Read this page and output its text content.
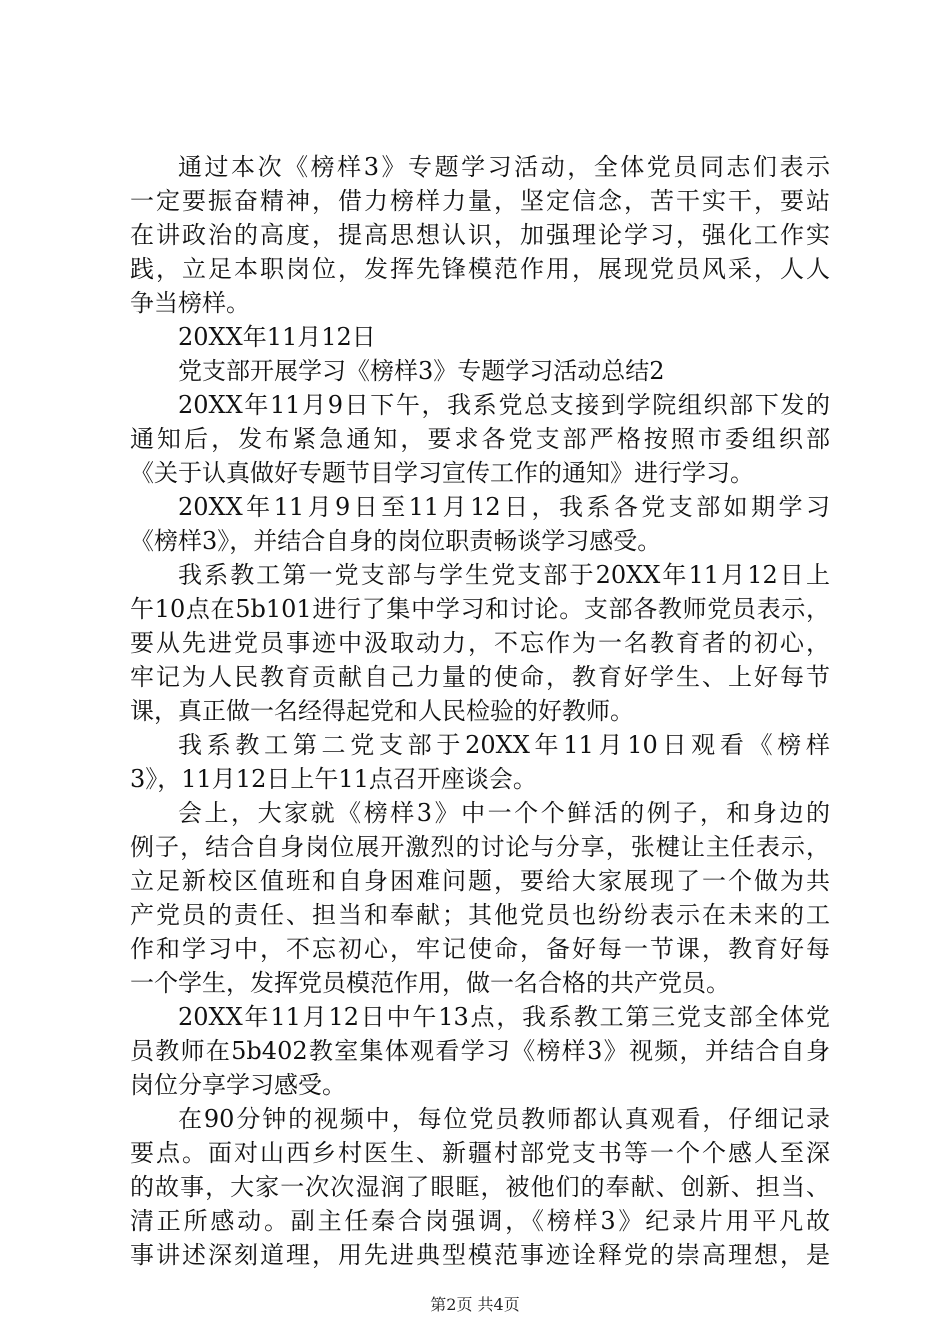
通过本次《榜样3》专题学习活动，全体党员同志们表示
一定要振奋精神，借力榜样力量，坚定信念，苦干实干，要站
在讲政治的高度，提高思想认识，加强理论学习，强化工作实
践，立足本职岗位，发挥先锋模范作用，展现党员风采，人人
争当榜样。
20XX年11月12日
党支部开展学习《榜样3》专题学习活动总结2
20XX年11月9日下午，我系党总支接到学院组织部下发的
通知后，发布紧急通知，要求各党支部严格按照市委组织部
《关于认真做好专题节目学习宣传工作的通知》进行学习。
20XX年11月9日至11月12日，我系各党支部如期学习
《榜样3》，并结合自身的岗位职责畅谈学习感受。
我系教工第一党支部与学生党支部于20XX年11月12日上
午10点在5b101进行了集中学习和讨论。支部各教师党员表示，
要从先进党员事迹中汲取动力，不忘作为一名教育者的初心，
牢记为人民教育贡献自己力量的使命，教育好学生、上好每节
课，真正做一名经得起党和人民检验的好教师。
我系教工第二党支部于20XX年11月10日观看《榜样
3》，11月12日上午11点召开座谈会。
会上，大家就《榜样3》中一个个鲜活的例子，和身边的
例子，结合自身岗位展开激烈的讨论与分享，张楗让主任表示，
立足新校区值班和自身困难问题，要给大家展现了一个做为共
产党员的责任、担当和奉献；其他党员也纷纷表示在未来的工
作和学习中，不忘初心，牢记使命，备好每一节课，教育好每
一个学生，发挥党员模范作用，做一名合格的共产党员。
20XX年11月12日中午13点，我系教工第三党支部全体党
员教师在5b402教室集体观看学习《榜样3》视频，并结合自身
岗位分享学习感受。
在90分钟的视频中，每位党员教师都认真观看，仔细记录
要点。面对山西乡村医生、新疆村部党支书等一个个感人至深
的故事，大家一次次湿润了眼眶，被他们的奉献、创新、担当、
清正所感动。副主任秦合岗强调，《榜样3》纪录片用平凡故
事讲述深刻道理，用先进典型模范事迹诠释党的崇高理想，是
第2页 共4页
